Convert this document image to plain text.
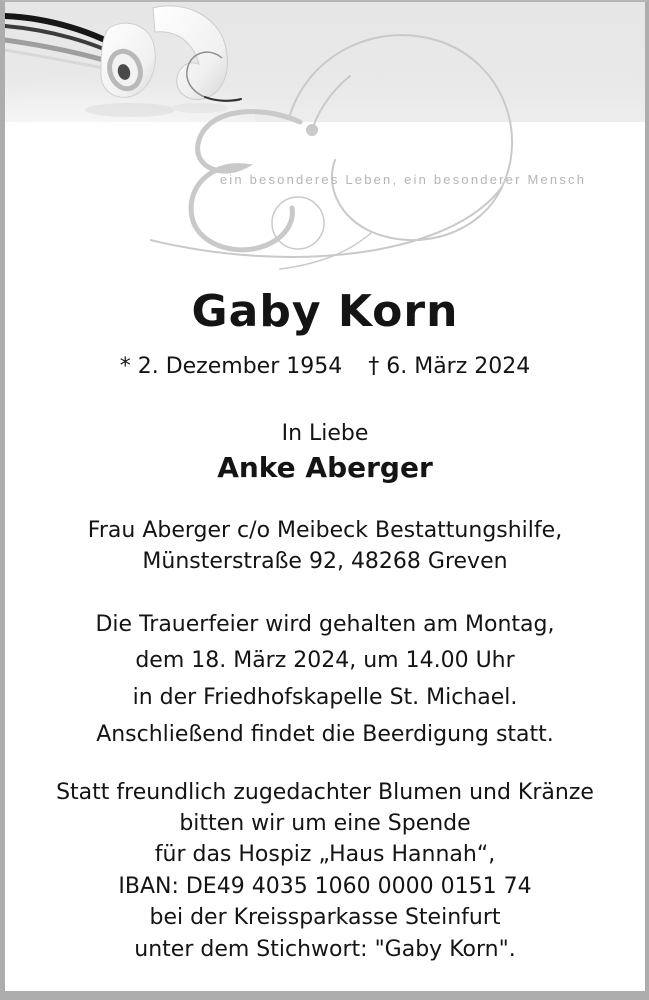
ein besonderes Leben, ein besonderer Mensch
Gaby Korn
* 2. Dezember 1954 † 6. März 2024
In Liebe
Anke Aberger
Frau Aberger c/o Meibeck Bestattungshilfe,
Münsterstraße 92, 48268 Greven
Die Trauerfeier wird gehalten am Montag,
dem 18. März 2024, um 14.00 Uhr
in der Friedhofskapelle St. Michael.
Anschließend findet die Beerdigung statt.
Statt freundlich zugedachter Blumen und Kränze
bitten wir um eine Spende
für das Hospiz „Haus Hannah“,
IBAN: DE49 4035 1060 0000 0151 74
bei der Kreissparkasse Steinfurt
unter dem Stichwort: "Gaby Korn".
